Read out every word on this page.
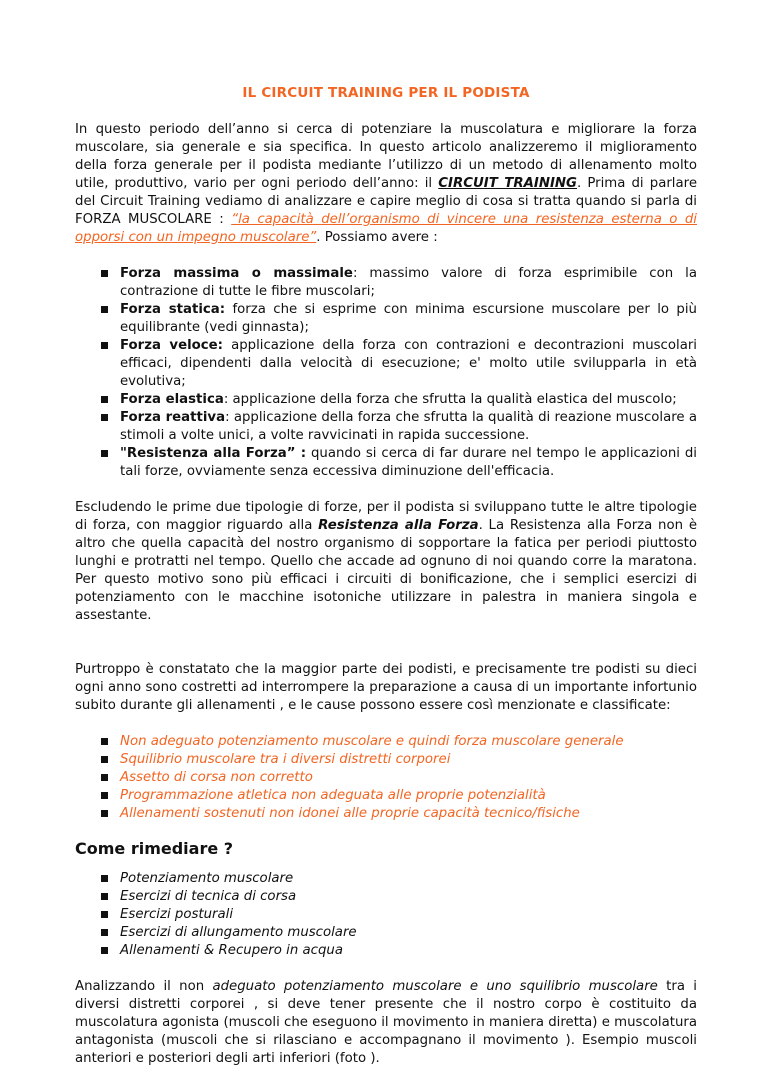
IL CIRCUIT TRAINING PER IL PODISTA

In questo periodo dell’anno si cerca di potenziare la muscolatura e migliorare la forza muscolare, sia generale e sia specifica. In questo articolo analizzeremo il miglioramento della forza generale per il podista mediante l’utilizzo di un metodo di allenamento molto utile, produttivo, vario per ogni periodo dell’anno: il CIRCUIT TRAINING. Prima di parlare del Circuit Training vediamo di analizzare e capire meglio di cosa si tratta quando si parla di FORZA MUSCOLARE : “la capacità dell’organismo di vincere una resistenza esterna o di opporsi con un impegno muscolare”. Possiamo avere :

Forza massima o massimale: massimo valore di forza esprimibile con la contrazione di tutte le fibre muscolari;
Forza statica: forza che si esprime con minima escursione muscolare per lo più equilibrante (vedi ginnasta);
Forza veloce: applicazione della forza con contrazioni e decontrazioni muscolari efficaci, dipendenti dalla velocità di esecuzione; e' molto utile svilupparla in età evolutiva;
Forza elastica: applicazione della forza che sfrutta la qualità elastica del muscolo;
Forza reattiva: applicazione della forza che sfrutta la qualità di reazione muscolare a stimoli a volte unici, a volte ravvicinati in rapida successione.
"Resistenza alla Forza” : quando si cerca di far durare nel tempo le applicazioni di tali forze, ovviamente senza eccessiva diminuzione dell'efficacia.

Escludendo le prime due tipologie di forze, per il podista si sviluppano tutte le altre tipologie di forza, con maggior riguardo alla Resistenza alla Forza. La Resistenza alla Forza non è altro che quella capacità del nostro organismo di sopportare la fatica per periodi piuttosto lunghi e protratti nel tempo. Quello che accade ad ognuno di noi quando corre la maratona. Per questo motivo sono più efficaci i circuiti di bonificazione, che i semplici esercizi di potenziamento con le macchine isotoniche utilizzare in palestra in maniera singola e assestante.

Purtroppo è constatato che la maggior parte dei podisti, e precisamente tre podisti su dieci ogni anno sono costretti ad interrompere la preparazione a causa di un importante infortunio subito durante gli allenamenti , e le cause possono essere così menzionate e classificate:

Non adeguato potenziamento muscolare e quindi forza muscolare generale
Squilibrio muscolare tra i diversi distretti corporei
Assetto di corsa non corretto
Programmazione atletica non adeguata alle proprie potenzialità
Allenamenti sostenuti non idonei alle proprie capacità tecnico/fisiche
Come rimediare ?
Potenziamento muscolare
Esercizi di tecnica di corsa
Esercizi posturali
Esercizi di allungamento muscolare
Allenamenti & Recupero in acqua

Analizzando il non adeguato potenziamento muscolare e uno squilibrio muscolare tra i diversi distretti corporei , si deve tener presente che il nostro corpo è costituito da muscolatura agonista (muscoli che eseguono il movimento in maniera diretta) e muscolatura antagonista (muscoli che si rilasciano e accompagnano il movimento ). Esempio muscoli anteriori e posteriori degli arti inferiori (foto ).
